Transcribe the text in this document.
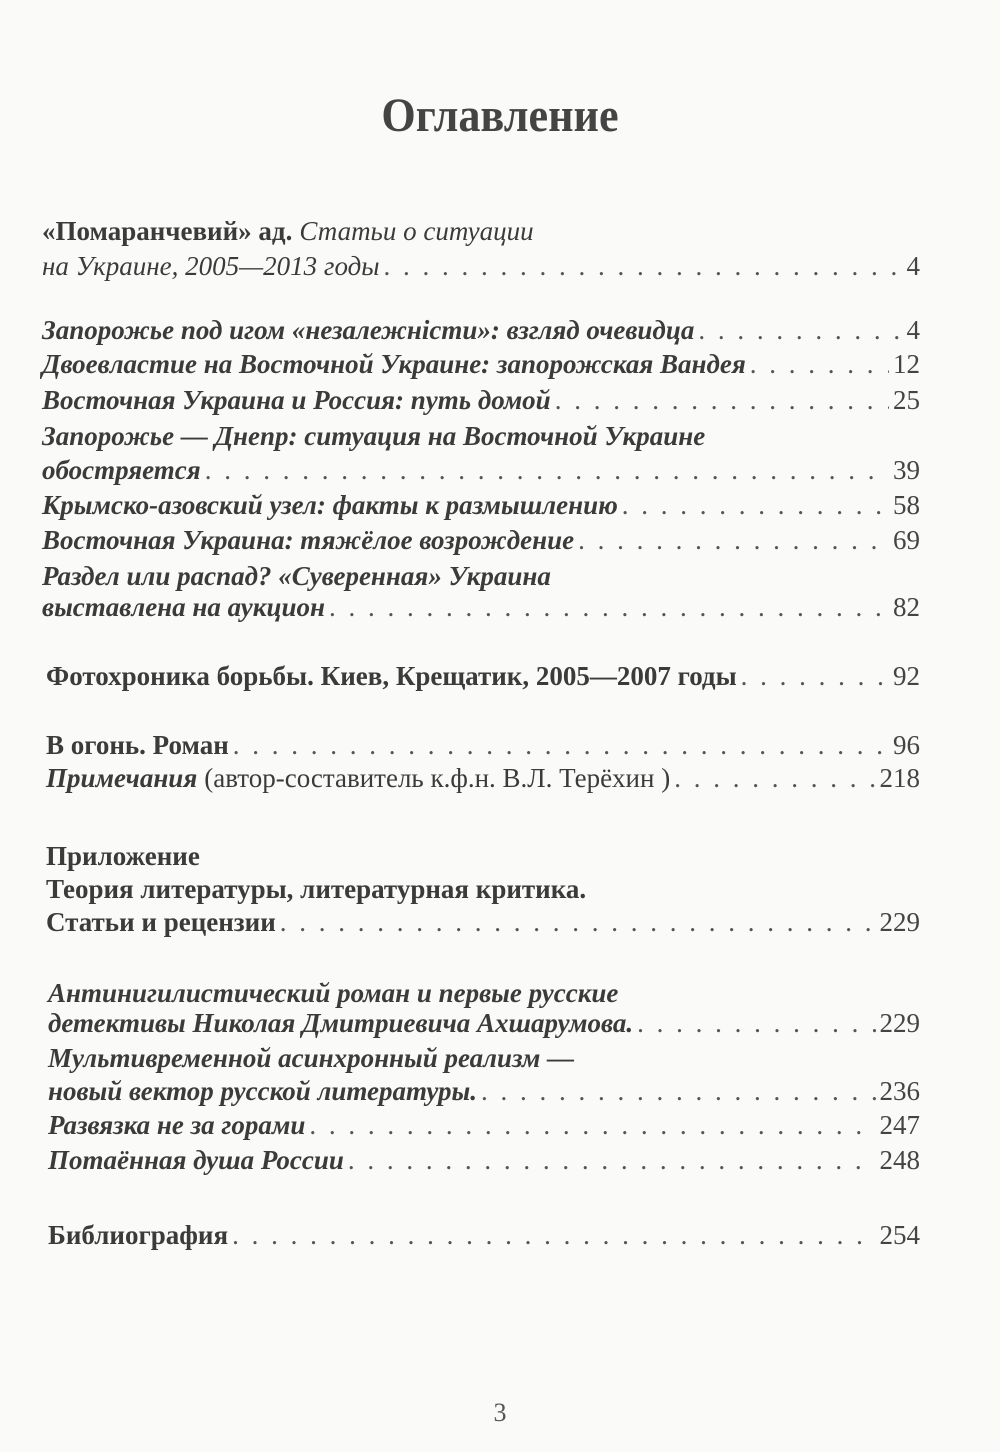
Оглавление
«Помаранчевий» ад. Статьи о ситуации
на Украине, 2005—2013 годы . . .	4
Запорожье под игом «незалежністи»: взгляд очевидца . . .	4
Двоевластие на Восточной Украине: запорожская Вандея . . .	12
Восточная Украина и Россия: путь домой . . .	25
Запорожье — Днепр: ситуация на Восточной Украине
обостряется . . .	39
Крымско-азовский узел: факты к размышлению . . .	58
Восточная Украина: тяжёлое возрождение . . .	69
Раздел или распад? «Суверенная» Украина
выставлена на аукцион . . .	82
Фотохроника борьбы. Киев, Крещатик, 2005—2007 годы . . .	92
В огонь. Роман . . .	96
Примечания (автор-составитель к.ф.н. В.Л. Терёхин ) . . .	218
Приложение
Теория литературы, литературная критика.
Статьи и рецензии . . .	229
Антинигилистический роман и первые русские
детективы Николая Дмитриевича Ахшарумова. . . .	229
Мультивременной асинхронный реализм —
новый вектор русской литературы. . . .	236
Развязка не за горами . . .	247
Потаённая душа России . . .	248
Библиография . . .	254
3
